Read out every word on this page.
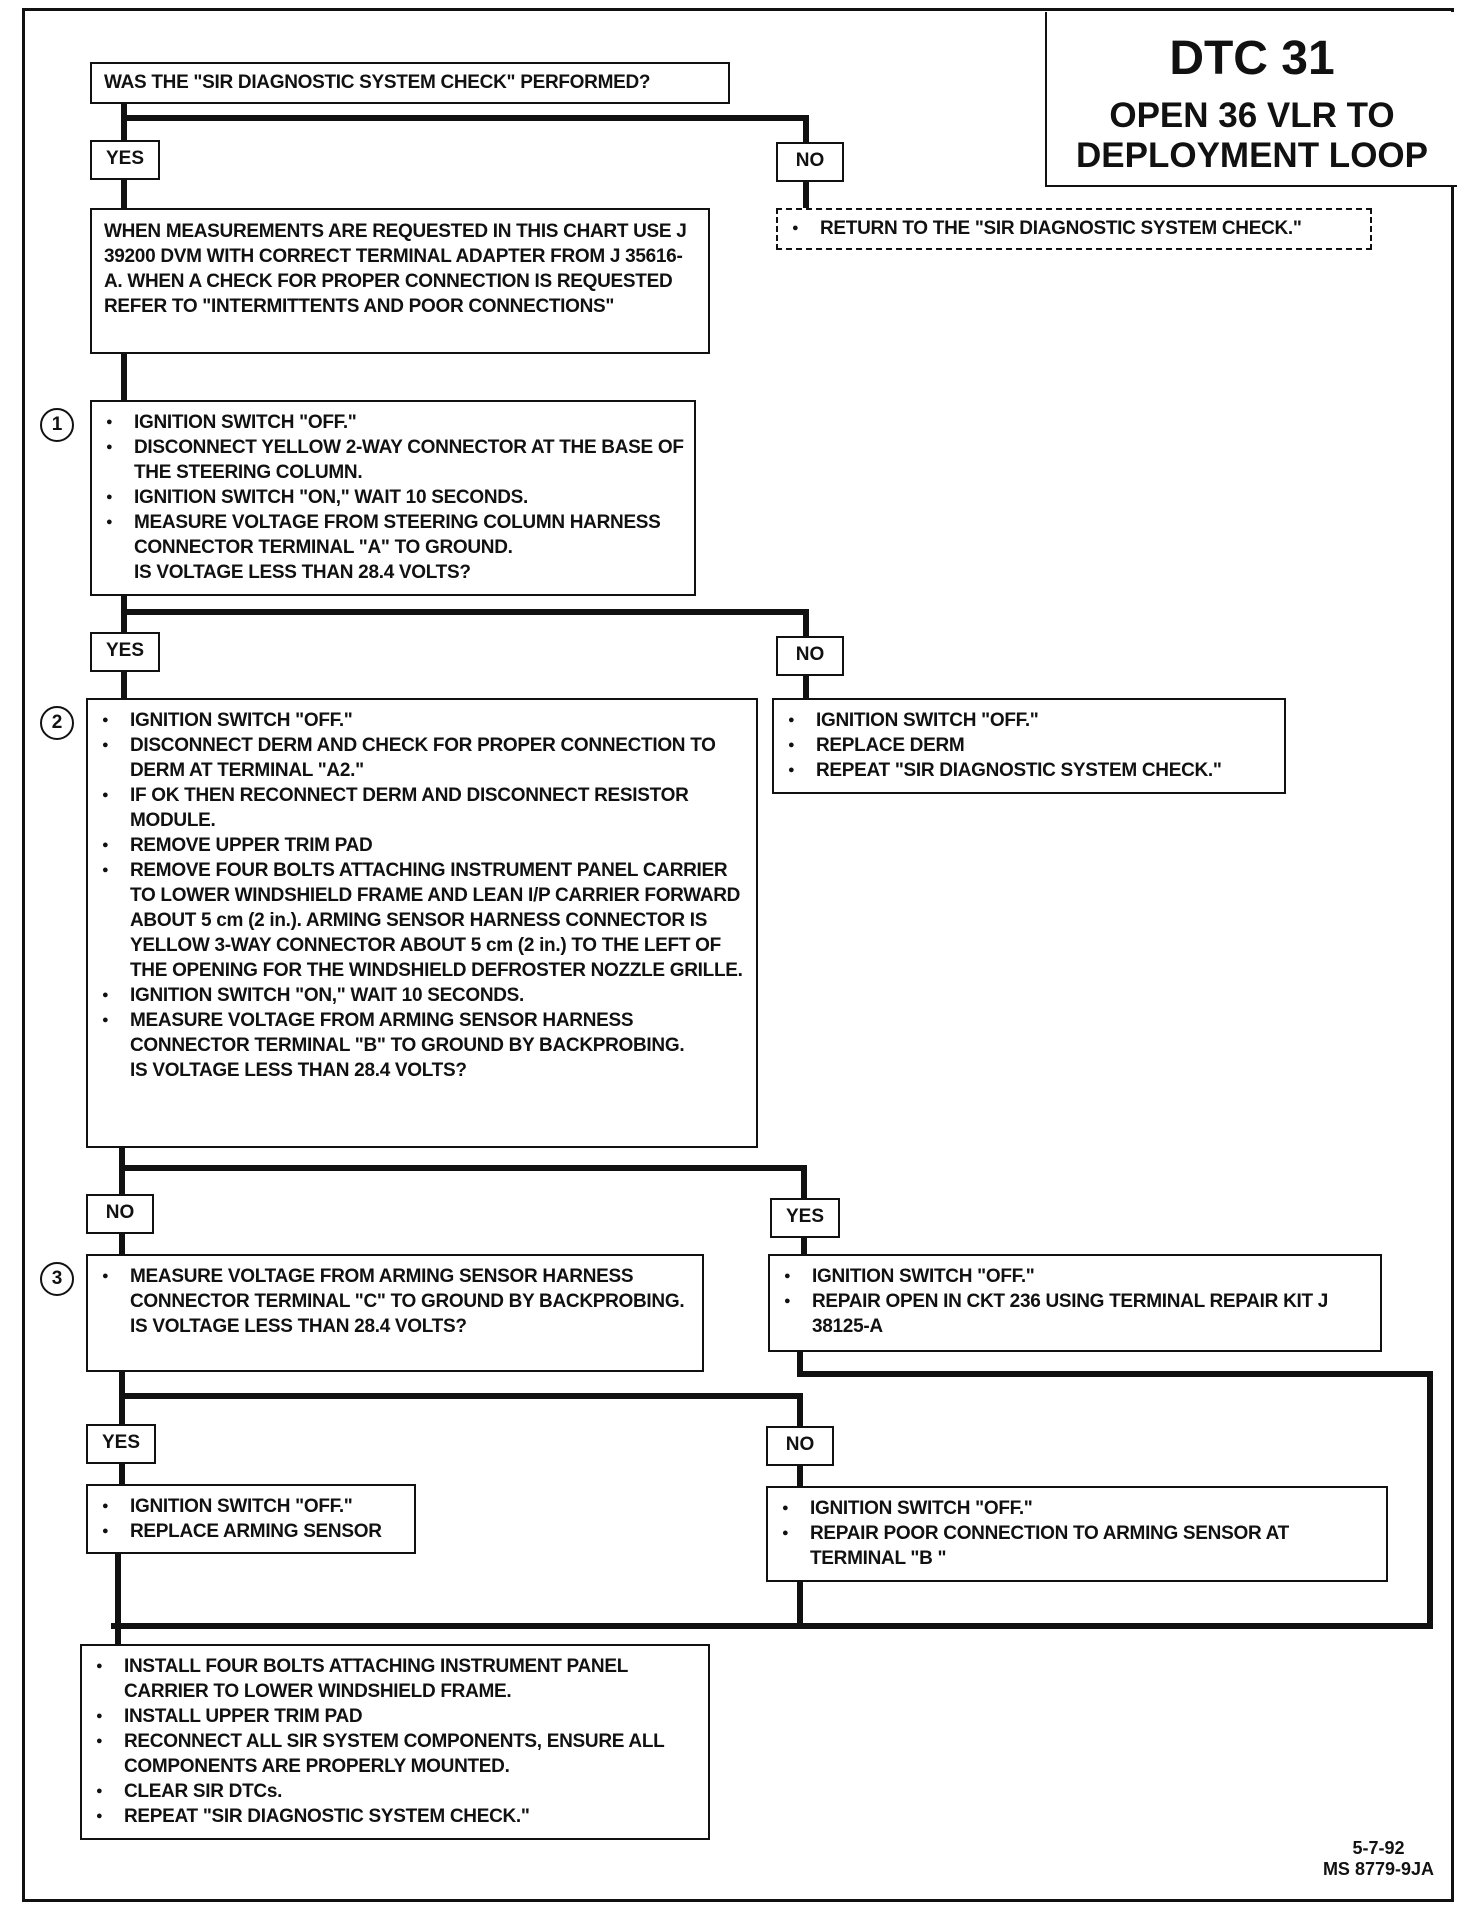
DTC 31
OPEN 36 VLR TO DEPLOYMENT LOOP
WAS THE "SIR DIAGNOSTIC SYSTEM CHECK" PERFORMED?
YES	NO
● RETURN TO THE "SIR DIAGNOSTIC SYSTEM CHECK."
WHEN MEASUREMENTS ARE REQUESTED IN THIS CHART USE J 39200 DVM WITH CORRECT TERMINAL ADAPTER FROM J 35616-A. WHEN A CHECK FOR PROPER CONNECTION IS REQUESTED REFER TO "INTERMITTENTS AND POOR CONNECTIONS"
1	● IGNITION SWITCH "OFF."
● DISCONNECT YELLOW 2-WAY CONNECTOR AT THE BASE OF THE STEERING COLUMN.
● IGNITION SWITCH "ON," WAIT 10 SECONDS.
● MEASURE VOLTAGE FROM STEERING COLUMN HARNESS CONNECTOR TERMINAL "A" TO GROUND.
IS VOLTAGE LESS THAN 28.4 VOLTS?
YES	NO
● IGNITION SWITCH "OFF."
● REPLACE DERM
● REPEAT "SIR DIAGNOSTIC SYSTEM CHECK."
2	● IGNITION SWITCH "OFF."
● DISCONNECT DERM AND CHECK FOR PROPER CONNECTION TO DERM AT TERMINAL "A2."
● IF OK THEN RECONNECT DERM AND DISCONNECT RESISTOR MODULE.
● REMOVE UPPER TRIM PAD
● REMOVE FOUR BOLTS ATTACHING INSTRUMENT PANEL CARRIER TO LOWER WINDSHIELD FRAME AND LEAN I/P CARRIER FORWARD ABOUT 5 cm (2 in.). ARMING SENSOR HARNESS CONNECTOR IS YELLOW 3-WAY CONNECTOR ABOUT 5 cm (2 in.) TO THE LEFT OF THE OPENING FOR THE WINDSHIELD DEFROSTER NOZZLE GRILLE.
● IGNITION SWITCH "ON," WAIT 10 SECONDS.
● MEASURE VOLTAGE FROM ARMING SENSOR HARNESS CONNECTOR TERMINAL "B" TO GROUND BY BACKPROBING.
IS VOLTAGE LESS THAN 28.4 VOLTS?
NO	YES
● IGNITION SWITCH "OFF."
● REPAIR OPEN IN CKT 236 USING TERMINAL REPAIR KIT J 38125-A
3	● MEASURE VOLTAGE FROM ARMING SENSOR HARNESS CONNECTOR TERMINAL "C" TO GROUND BY BACKPROBING.
IS VOLTAGE LESS THAN 28.4 VOLTS?
YES	NO
● IGNITION SWITCH "OFF."
● REPLACE ARMING SENSOR
● IGNITION SWITCH "OFF."
● REPAIR POOR CONNECTION TO ARMING SENSOR AT TERMINAL "B "
● INSTALL FOUR BOLTS ATTACHING INSTRUMENT PANEL CARRIER TO LOWER WINDSHIELD FRAME.
● INSTALL UPPER TRIM PAD
● RECONNECT ALL SIR SYSTEM COMPONENTS, ENSURE ALL COMPONENTS ARE PROPERLY MOUNTED.
● CLEAR SIR DTCs.
● REPEAT "SIR DIAGNOSTIC SYSTEM CHECK."
5-7-92
MS 8779-9JA
